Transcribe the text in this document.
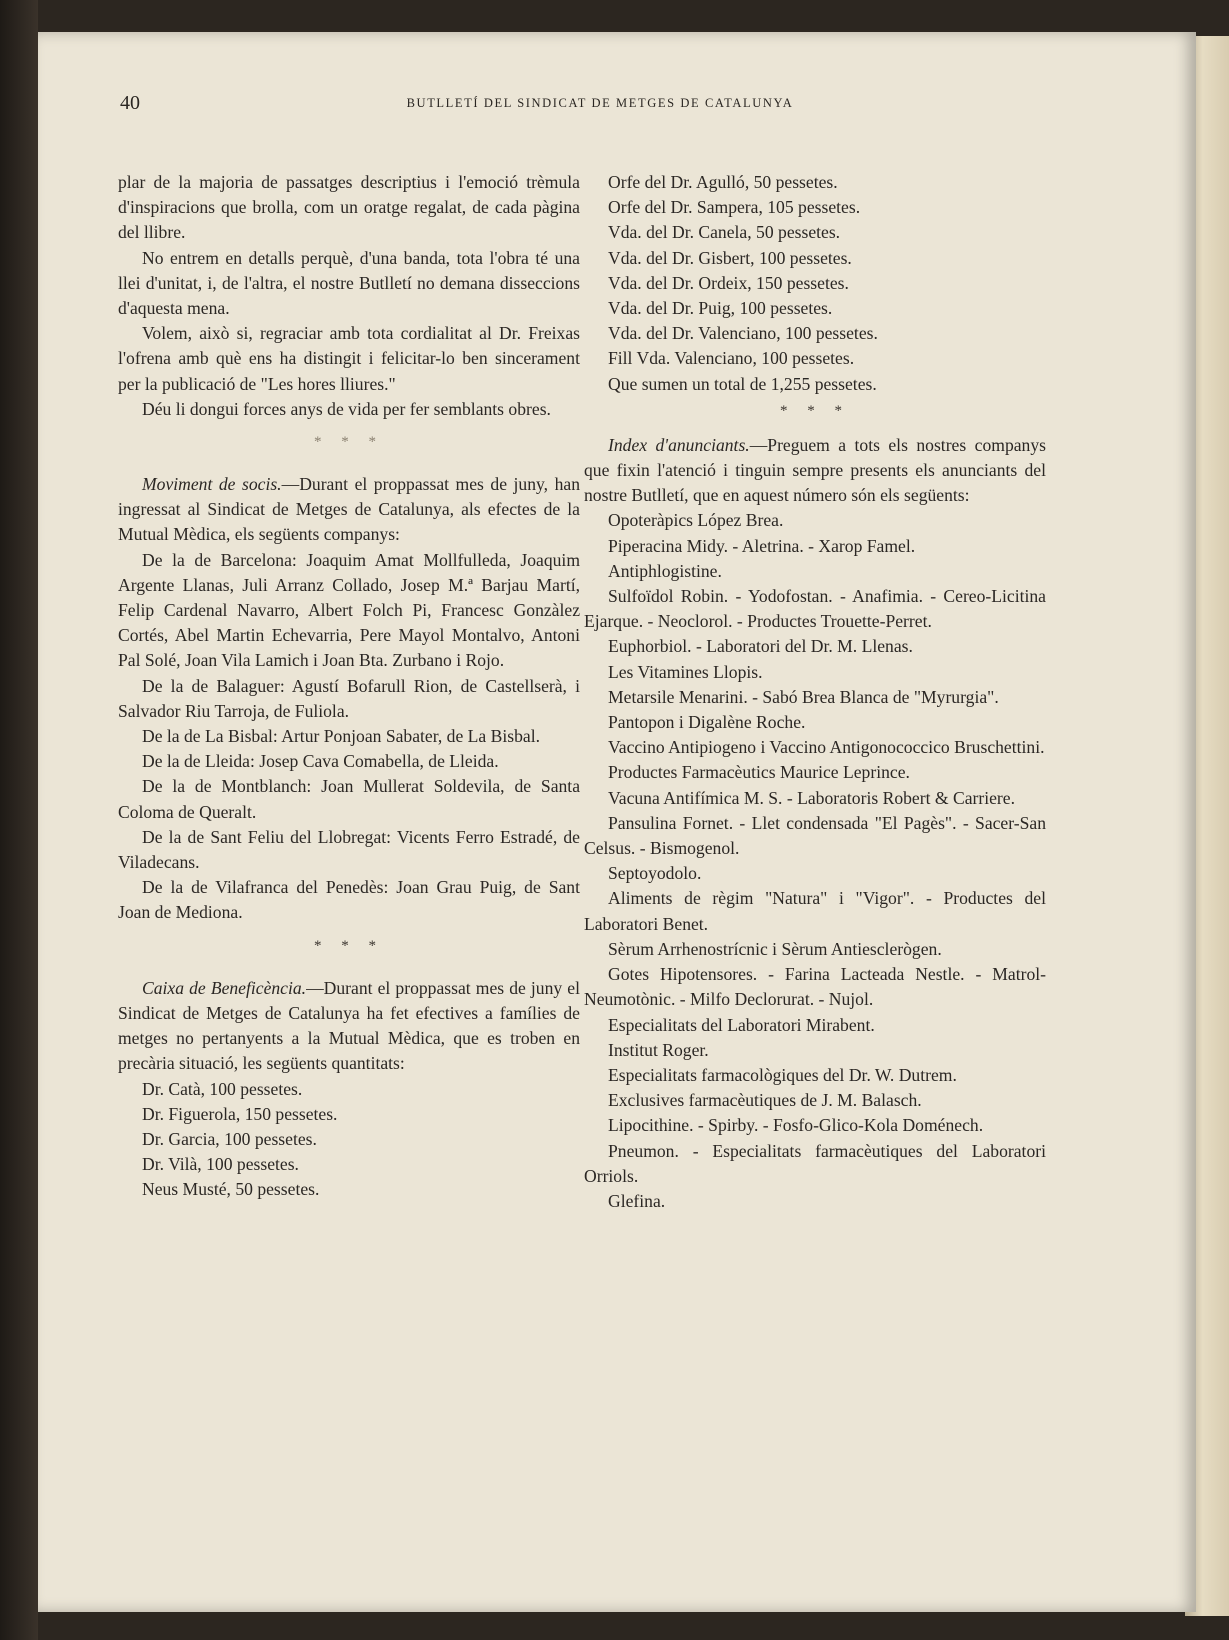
40	BUTLLETÍ DEL SINDICAT DE METGES DE CATALUNYA

plar de la majoria de passatges descriptius i l'emoció trèmula d'inspiracions que brolla, com un oratge regalat, de cada pàgina del llibre.

No entrem en detalls perquè, d'una banda, tota l'obra té una llei d'unitat, i, de l'altra, el nostre Butlletí no demana disseccions d'aquesta mena.

Volem, això si, regraciar amb tota cordialitat al Dr. Freixas l'ofrena amb què ens ha distingit i felicitar-lo ben sincerament per la publicació de "Les hores lliures."

Déu li dongui forces anys de vida per fer semblants obres.

* * *

Moviment de socis.—Durant el proppassat mes de juny, han ingressat al Sindicat de Metges de Catalunya, als efectes de la Mutual Mèdica, els següents companys:

De la de Barcelona: Joaquim Amat Mollfulleda, Joaquim Argente Llanas, Juli Arranz Collado, Josep M.ª Barjau Martí, Felip Cardenal Navarro, Albert Folch Pi, Francesc Gonzàlez Cortés, Abel Martin Echevarria, Pere Mayol Montalvo, Antoni Pal Solé, Joan Vila Lamich i Joan Bta. Zurbano i Rojo.

De la de Balaguer: Agustí Bofarull Rion, de Castellserà, i Salvador Riu Tarroja, de Fuliola.

De la de La Bisbal: Artur Ponjoan Sabater, de La Bisbal.

De la de Lleida: Josep Cava Comabella, de Lleida.

De la de Montblanch: Joan Mullerat Soldevila, de Santa Coloma de Queralt.

De la de Sant Feliu del Llobregat: Vicents Ferro Estradé, de Viladecans.

De la de Vilafranca del Penedès: Joan Grau Puig, de Sant Joan de Mediona.

* * *

Caixa de Beneficència.—Durant el proppassat mes de juny el Sindicat de Metges de Catalunya ha fet efectives a famílies de metges no pertanyents a la Mutual Mèdica, que es troben en precària situació, les següents quantitats:

Dr. Catà, 100 pessetes.

Dr. Figuerola, 150 pessetes.

Dr. Garcia, 100 pessetes.

Dr. Vilà, 100 pessetes.

Neus Musté, 50 pessetes.

Orfe del Dr. Agulló, 50 pessetes.

Orfe del Dr. Sampera, 105 pessetes.

Vda. del Dr. Canela, 50 pessetes.

Vda. del Dr. Gisbert, 100 pessetes.

Vda. del Dr. Ordeix, 150 pessetes.

Vda. del Dr. Puig, 100 pessetes.

Vda. del Dr. Valenciano, 100 pessetes.

Fill Vda. Valenciano, 100 pessetes.

Que sumen un total de 1,255 pessetes.

* * *

Index d'anunciants.—Preguem a tots els nostres companys que fixin l'atenció i tinguin sempre presents els anunciants del nostre Butlletí, que en aquest número són els següents:

Opoteràpics López Brea.

Piperacina Midy. - Aletrina. - Xarop Famel.

Antiphlogistine.

Sulfoïdol Robin. - Yodofostan. - Anafimia. - Cereo-Licitina Ejarque. - Neoclorol. - Productes Trouette-Perret.

Euphorbiol. - Laboratori del Dr. M. Llenas.

Les Vitamines Llopis.

Metarsile Menarini. - Sabó Brea Blanca de "Myrurgia".

Pantopon i Digalène Roche.

Vaccino Antipiogeno i Vaccino Antigonococcico Bruschettini.

Productes Farmacèutics Maurice Leprince.

Vacuna Antifímica M. S. - Laboratoris Robert & Carriere.

Pansulina Fornet. - Llet condensada "El Pagès". - Sacer-San Celsus. - Bismogenol.

Septoyodolo.

Aliments de règim "Natura" i "Vigor". - Productes del Laboratori Benet.

Sèrum Arrhenostrícnic i Sèrum Antiesclerògen.

Gotes Hipotensores. - Farina Lacteada Nestle. - Matrol-Neumotònic. - Milfo Declorurat. - Nujol.

Especialitats del Laboratori Mirabent.

Institut Roger.

Especialitats farmacològiques del Dr. W. Dutrem.

Exclusives farmacèutiques de J. M. Balasch.

Lipocithine. - Spirby. - Fosfo-Glico-Kola Doménech.

Pneumon. - Especialitats farmacèutiques del Laboratori Orriols.

Glefina.
